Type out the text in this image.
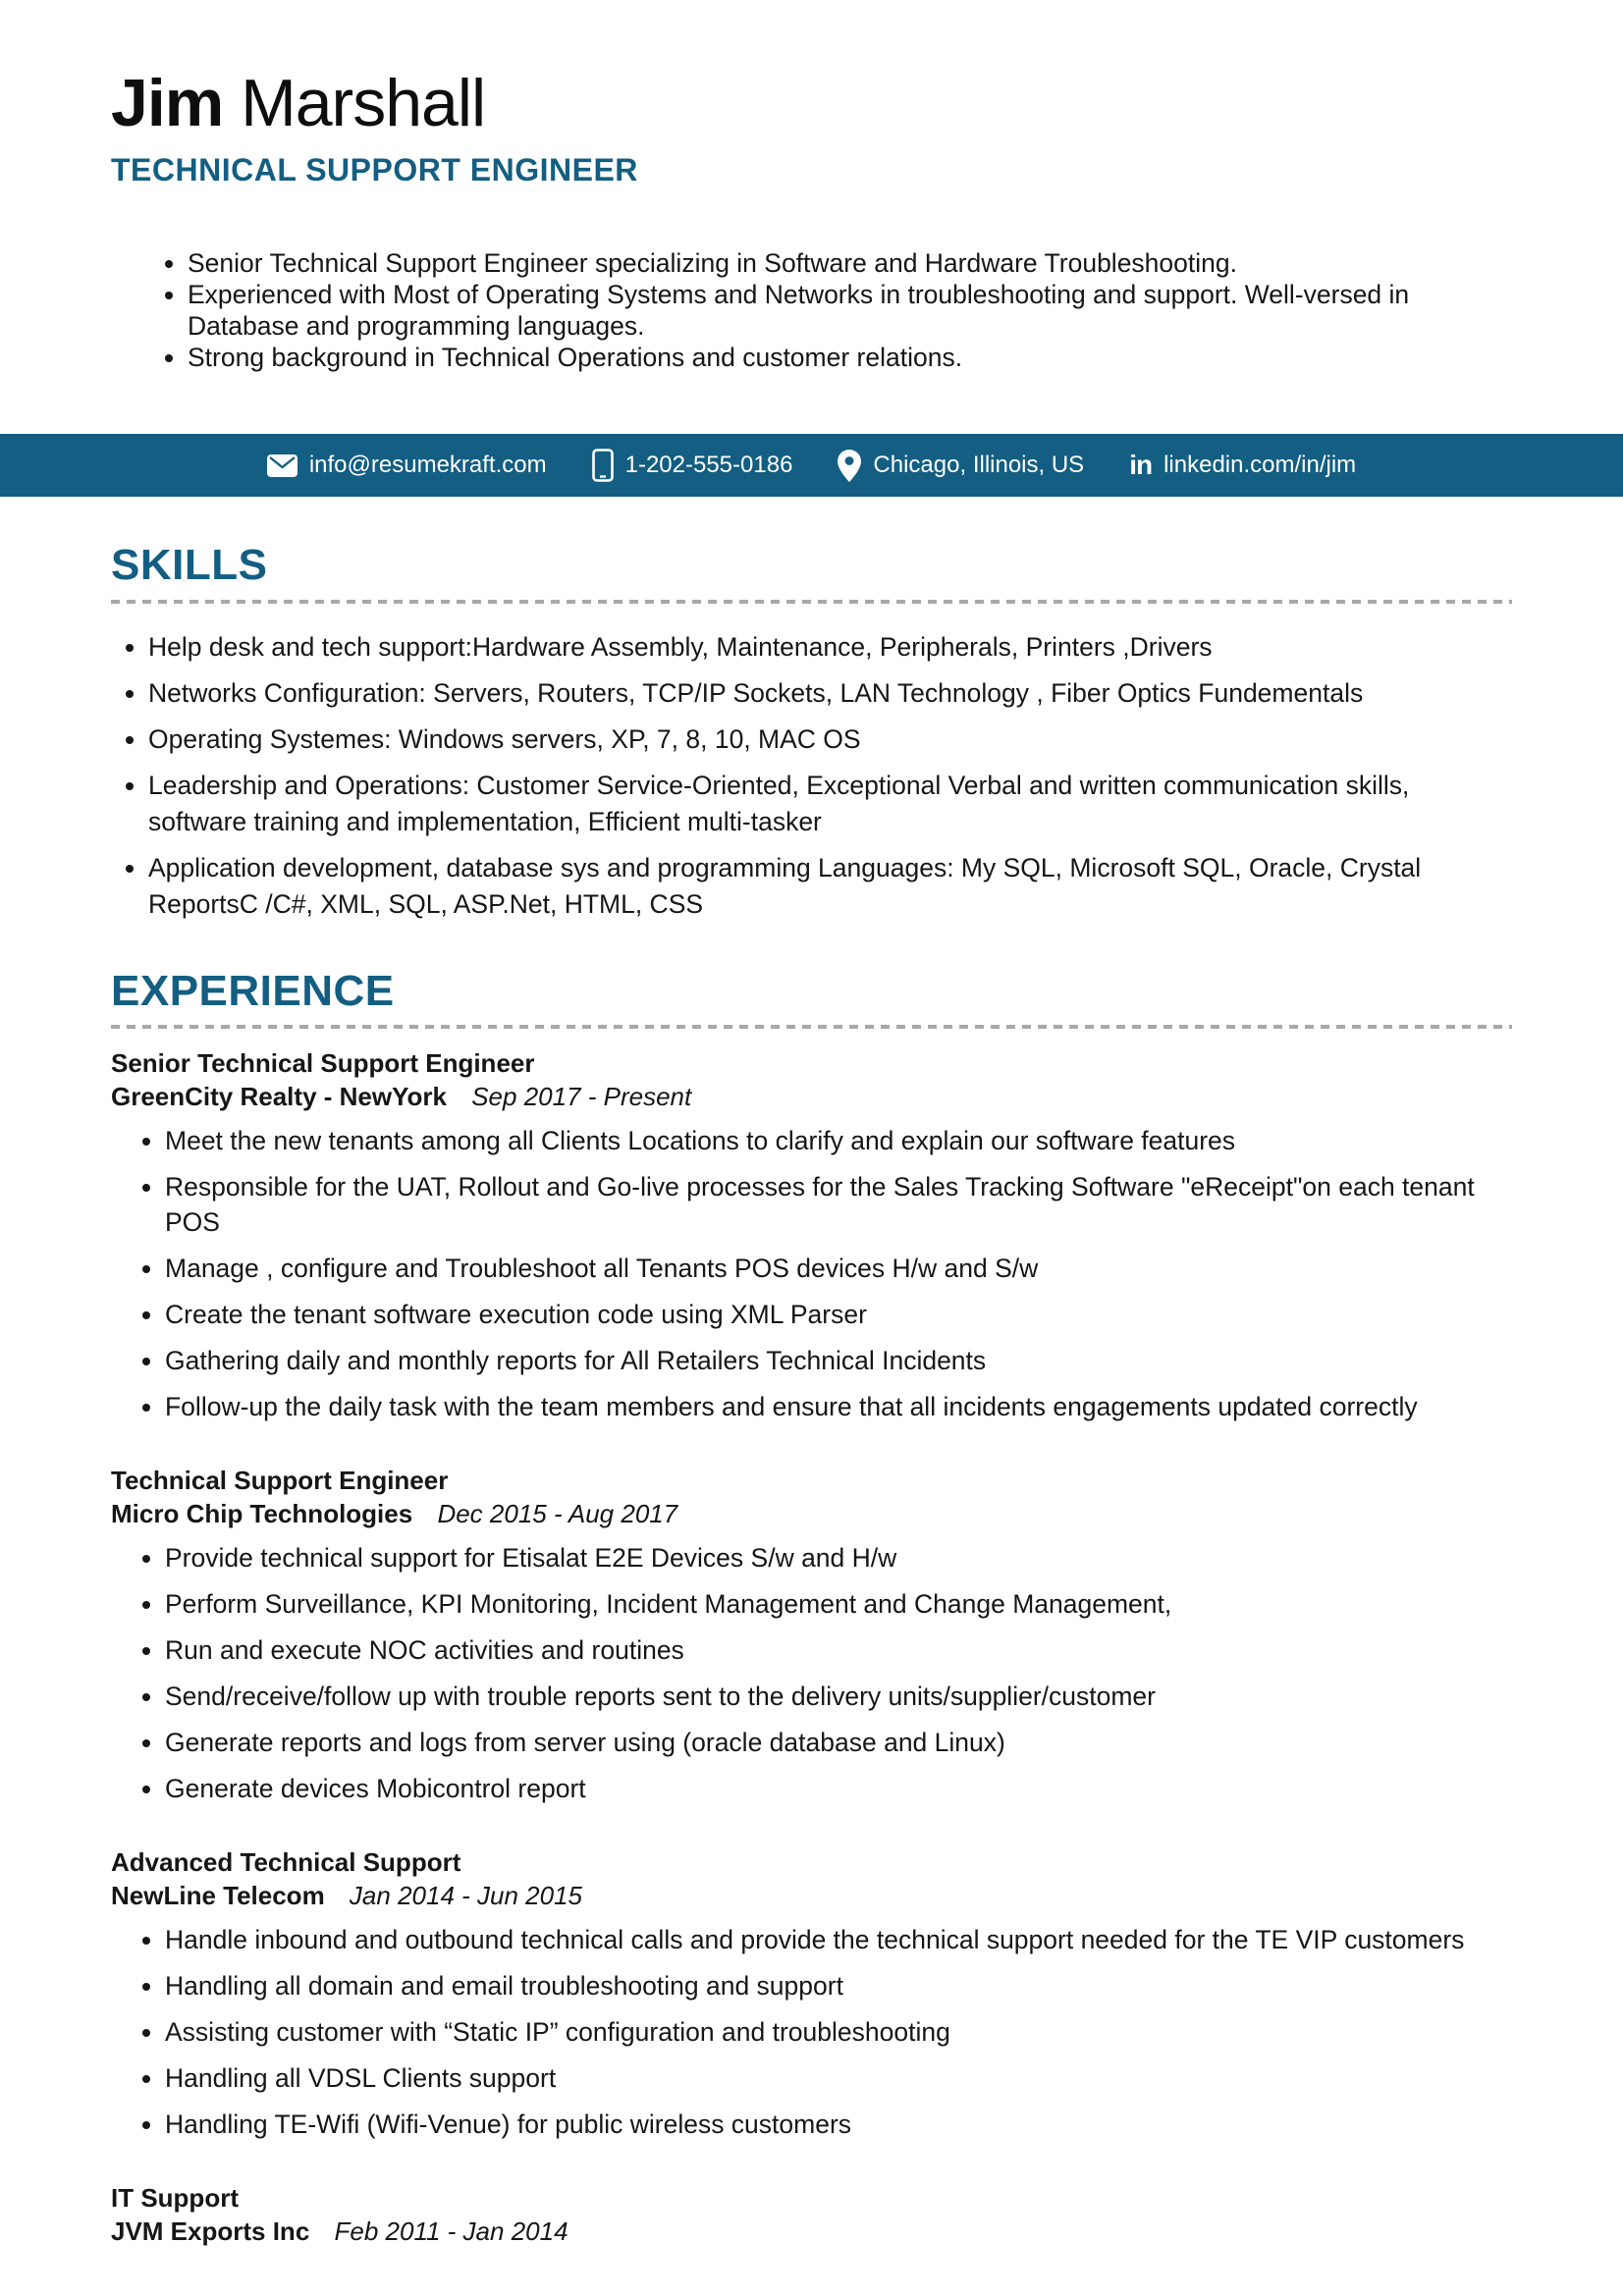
Jim Marshall
TECHNICAL SUPPORT ENGINEER
• Senior Technical Support Engineer specializing in Software and Hardware Troubleshooting.
• Experienced with Most of Operating Systems and Networks in troubleshooting and support. Well-versed in Database and programming languages.
• Strong background in Technical Operations and customer relations.
info@resumekraft.com	1-202-555-0186	Chicago, Illinois, US in linkedin.com/in/jim
SKILLS
• Help desk and tech support:Hardware Assembly, Maintenance, Peripherals, Printers ,Drivers
• Networks Configuration: Servers, Routers, TCP/IP Sockets, LAN Technology , Fiber Optics Fundementals
• Operating Systemes: Windows servers, XP, 7, 8, 10, MAC OS
• Leadership and Operations: Customer Service-Oriented, Exceptional Verbal and written communication skills, software training and implementation, Efficient multi-tasker
• Application development, database sys and programming Languages: My SQL, Microsoft SQL, Oracle, Crystal ReportsC /C#, XML, SQL, ASP.Net, HTML, CSS
EXPERIENCE
Senior Technical Support Engineer
GreenCity Realty - NewYork Sep 2017 - Present
• Meet the new tenants among all Clients Locations to clarify and explain our software features
• Responsible for the UAT, Rollout and Go-live processes for the Sales Tracking Software "eReceipt"on each tenant POS
• Manage , configure and Troubleshoot all Tenants POS devices H/w and S/w
• Create the tenant software execution code using XML Parser
• Gathering daily and monthly reports for All Retailers Technical Incidents
• Follow-up the daily task with the team members and ensure that all incidents engagements updated correctly
Technical Support Engineer
Micro Chip Technologies Dec 2015 - Aug 2017
• Provide technical support for Etisalat E2E Devices S/w and H/w
• Perform Surveillance, KPI Monitoring, Incident Management and Change Management,
• Run and execute NOC activities and routines
• Send/receive/follow up with trouble reports sent to the delivery units/supplier/customer
• Generate reports and logs from server using (oracle database and Linux)
• Generate devices Mobicontrol report
Advanced Technical Support
NewLine Telecom Jan 2014 - Jun 2015
• Handle inbound and outbound technical calls and provide the technical support needed for the TE VIP customers
• Handling all domain and email troubleshooting and support
• Assisting customer with “Static IP” configuration and troubleshooting
• Handling all VDSL Clients support
• Handling TE-Wifi (Wifi-Venue) for public wireless customers
IT Support
JVM Exports Inc Feb 2011 - Jan 2014
